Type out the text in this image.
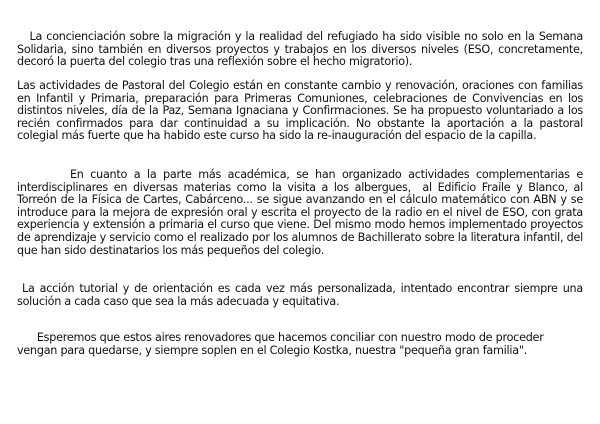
La concienciación sobre la migración y la realidad del refugiado ha sido visible no solo en la Semana Solidaria, sino también en diversos proyectos y trabajos en los diversos niveles (ESO, concretamente, decoró la puerta del colegio tras una reflexión sobre el hecho migratorio).

Las actividades de Pastoral del Colegio están en constante cambio y renovación, oraciones con familias en Infantil y Primaria, preparación para Primeras Comuniones, celebraciones de Convivencias en los distintos niveles, día de la Paz, Semana Ignaciana y Confirmaciones. Se ha propuesto voluntariado a los recién confirmados para dar continuidad a su implicación. No obstante la aportación a la pastoral colegial más fuerte que ha habido este curso ha sido la re-inauguración del espacio de la capilla.

En cuanto a la parte más académica, se han organizado actividades complementarias e interdisciplinares en diversas materias como la visita a los albergues,  al Edificio Fraile y Blanco, al Torreón de la Física de Cartes, Cabárceno... se sigue avanzando en el cálculo matemático con ABN y se introduce para la mejora de expresión oral y escrita el proyecto de la radio en el nivel de ESO, con grata experiencia y extensión a primaria el curso que viene. Del mismo modo hemos implementado proyectos de aprendizaje y servicio como el realizado por los alumnos de Bachillerato sobre la literatura infantil, del que han sido destinatarios los más pequeños del colegio.

La acción tutorial y de orientación es cada vez más personalizada, intentado encontrar siempre una solución a cada caso que sea la más adecuada y equitativa.

Esperemos que estos aires renovadores que hacemos conciliar con nuestro modo de proceder vengan para quedarse, y siempre soplen en el Colegio Kostka, nuestra "pequeña gran familia".
